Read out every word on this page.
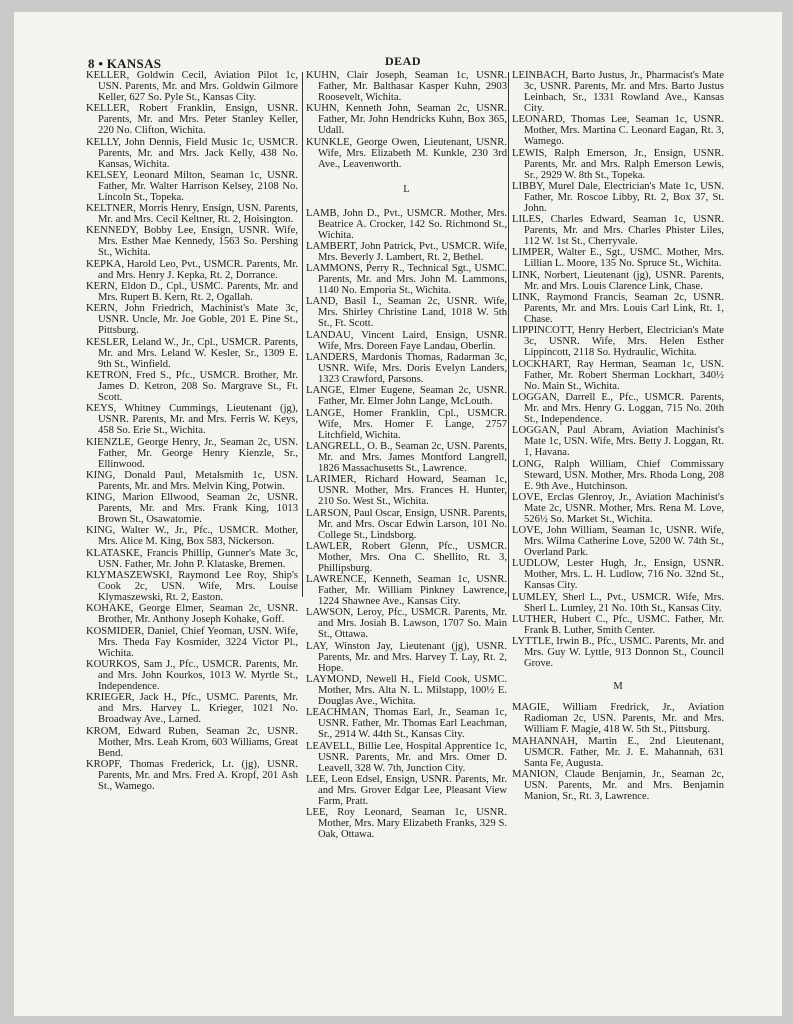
8 • KANSAS	DEAD
KELLER, Goldwin Cecil, Aviation Pilot 1c, USN. Parents, Mr. and Mrs. Goldwin Gilmore Keller, 627 So. Pyle St., Kansas City.
KELLER, Robert Franklin, Ensign, USNR. Parents, Mr. and Mrs. Peter Stanley Keller, 220 No. Clifton, Wichita.
KELLY, John Dennis, Field Music 1c, USMCR. Parents, Mr. and Mrs. Jack Kelly, 438 No. Kansas, Wichita.
KELSEY, Leonard Milton, Seaman 1c, USNR. Father, Mr. Walter Harrison Kelsey, 2108 No. Lincoln St., Topeka.
KELTNER, Morris Henry, Ensign, USN. Parents, Mr. and Mrs. Cecil Keltner, Rt. 2, Hoisington.
KENNEDY, Bobby Lee, Ensign, USNR. Wife, Mrs. Esther Mae Kennedy, 1563 So. Pershing St., Wichita.
KEPKA, Harold Leo, Pvt., USMCR. Parents, Mr. and Mrs. Henry J. Kepka, Rt. 2, Dorrance.
KERN, Eldon D., Cpl., USMC. Parents, Mr. and Mrs. Rupert B. Kern, Rt. 2, Ogallah.
KERN, John Friedrich, Machinist's Mate 3c, USNR. Uncle, Mr. Joe Goble, 201 E. Pine St., Pittsburg.
KESLER, Leland W., Jr., Cpl., USMCR. Parents, Mr. and Mrs. Leland W. Kesler, Sr., 1309 E. 9th St., Winfield.
KETRON, Fred S., Pfc., USMCR. Brother, Mr. James D. Ketron, 208 So. Margrave St., Ft. Scott.
KEYS, Whitney Cummings, Lieutenant (jg), USNR. Parents, Mr. and Mrs. Ferris W. Keys, 458 So. Erie St., Wichita.
KIENZLE, George Henry, Jr., Seaman 2c, USN. Father, Mr. George Henry Kienzle, Sr., Ellinwood.
KING, Donald Paul, Metalsmith 1c, USN. Parents, Mr. and Mrs. Melvin King, Potwin.
KING, Marion Ellwood, Seaman 2c, USNR. Parents, Mr. and Mrs. Frank King, 1013 Brown St., Osawatomie.
KING, Walter W., Jr., Pfc., USMCR. Mother, Mrs. Alice M. King, Box 583, Nickerson.
KLATASKE, Francis Phillip, Gunner's Mate 3c, USN. Father, Mr. John P. Klataske, Bremen.
KLYMASZEWSKI, Raymond Lee Roy, Ship's Cook 2c, USN. Wife, Mrs. Louise Klymaszewski, Rt. 2, Easton.
KOHAKE, George Elmer, Seaman 2c, USNR. Brother, Mr. Anthony Joseph Kohake, Goff.
KOSMIDER, Daniel, Chief Yeoman, USN. Wife, Mrs. Theda Fay Kosmider, 3224 Victor Pl., Wichita.
KOURKOS, Sam J., Pfc., USMCR. Parents, Mr. and Mrs. John Kourkos, 1013 W. Myrtle St., Independence.
KRIEGER, Jack H., Pfc., USMC. Parents, Mr. and Mrs. Harvey L. Krieger, 1021 No. Broadway Ave., Larned.
KROM, Edward Ruben, Seaman 2c, USNR. Mother, Mrs. Leah Krom, 603 Williams, Great Bend.
KROPF, Thomas Frederick, Lt. (jg), USNR. Parents, Mr. and Mrs. Fred A. Kropf, 201 Ash St., Wamego.
KUHN, Clair Joseph, Seaman 1c, USNR. Father, Mr. Balthasar Kasper Kuhn, 2903 Roosevelt, Wichita.
KUHN, Kenneth John, Seaman 2c, USNR. Father, Mr. John Hendricks Kuhn, Box 365, Udall.
KUNKLE, George Owen, Lieutenant, USNR. Wife, Mrs. Elizabeth M. Kunkle, 230 3rd Ave., Leavenworth.
L
LAMB, John D., Pvt., USMCR. Mother, Mrs. Beatrice A. Crocker, 142 So. Richmond St., Wichita.
LAMBERT, John Patrick, Pvt., USMCR. Wife, Mrs. Beverly J. Lambert, Rt. 2, Bethel.
LAMMONS, Perry R., Technical Sgt., USMC. Parents, Mr. and Mrs. John M. Lammons, 1140 No. Emporia St., Wichita.
LAND, Basil I., Seaman 2c, USNR. Wife, Mrs. Shirley Christine Land, 1018 W. 5th St., Ft. Scott.
LANDAU, Vincent Laird, Ensign, USNR. Wife, Mrs. Doreen Faye Landau, Oberlin.
LANDERS, Mardonis Thomas, Radarman 3c, USNR. Wife, Mrs. Doris Evelyn Landers, 1323 Crawford, Parsons.
LANGE, Elmer Eugene, Seaman 2c, USNR. Father, Mr. Elmer John Lange, McLouth.
LANGE, Homer Franklin, Cpl., USMCR. Wife, Mrs. Homer F. Lange, 2757 Litchfield, Wichita.
LANGRELL, O. B., Seaman 2c, USN. Parents, Mr. and Mrs. James Montford Langrell, 1826 Massachusetts St., Lawrence.
LARIMER, Richard Howard, Seaman 1c, USNR. Mother, Mrs. Frances H. Hunter, 210 So. West St., Wichita.
LARSON, Paul Oscar, Ensign, USNR. Parents, Mr. and Mrs. Oscar Edwin Larson, 101 No. College St., Lindsborg.
LAWLER, Robert Glenn, Pfc., USMCR. Mother, Mrs. Ona C. Shellito, Rt. 3, Phillipsburg.
LAWRENCE, Kenneth, Seaman 1c, USNR. Father, Mr. William Pinkney Lawrence, 1224 Shawnee Ave., Kansas City.
LAWSON, Leroy, Pfc., USMCR. Parents, Mr. and Mrs. Josiah B. Lawson, 1707 So. Main St., Ottawa.
LAY, Winston Jay, Lieutenant (jg), USNR. Parents, Mr. and Mrs. Harvey T. Lay, Rt. 2, Hope.
LAYMOND, Newell H., Field Cook, USMC. Mother, Mrs. Alta N. L. Milstapp, 100½ E. Douglas Ave., Wichita.
LEACHMAN, Thomas Earl, Jr., Seaman 1c, USNR. Father, Mr. Thomas Earl Leachman, Sr., 2914 W. 44th St., Kansas City.
LEAVELL, Billie Lee, Hospital Apprentice 1c, USNR. Parents, Mr. and Mrs. Omer D. Leavell, 328 W. 7th, Junction City.
LEE, Leon Edsel, Ensign, USNR. Parents, Mr. and Mrs. Grover Edgar Lee, Pleasant View Farm, Pratt.
LEE, Roy Leonard, Seaman 1c, USNR. Mother, Mrs. Mary Elizabeth Franks, 329 S. Oak, Ottawa.
LEINBACH, Barto Justus, Jr., Pharmacist's Mate 3c, USNR. Parents, Mr. and Mrs. Barto Justus Leinbach, Sr., 1331 Rowland Ave., Kansas City.
LEONARD, Thomas Lee, Seaman 1c, USNR. Mother, Mrs. Martina C. Leonard Eagan, Rt. 3, Wamego.
LEWIS, Ralph Emerson, Jr., Ensign, USNR. Parents, Mr. and Mrs. Ralph Emerson Lewis, Sr., 2929 W. 8th St., Topeka.
LIBBY, Murel Dale, Electrician's Mate 1c, USN. Father, Mr. Roscoe Libby, Rt. 2, Box 37, St. John.
LILES, Charles Edward, Seaman 1c, USNR. Parents, Mr. and Mrs. Charles Phister Liles, 112 W. 1st St., Cherryvale.
LIMPER, Walter E., Sgt., USMC. Mother, Mrs. Lillian L. Moore, 135 No. Spruce St., Wichita.
LINK, Norbert, Lieutenant (jg), USNR. Parents, Mr. and Mrs. Louis Clarence Link, Chase.
LINK, Raymond Francis, Seaman 2c, USNR. Parents, Mr. and Mrs. Louis Carl Link, Rt. 1, Chase.
LIPPINCOTT, Henry Herbert, Electrician's Mate 3c, USNR. Wife, Mrs. Helen Esther Lippincott, 2118 So. Hydraulic, Wichita.
LOCKHART, Ray Herman, Seaman 1c, USN. Father, Mr. Robert Sherman Lockhart, 340½ No. Main St., Wichita.
LOGGAN, Darrell E., Pfc., USMCR. Parents, Mr. and Mrs. Henry G. Loggan, 715 No. 20th St., Independence.
LOGGAN, Paul Abram, Aviation Machinist's Mate 1c, USN. Wife, Mrs. Betty J. Loggan, Rt. 1, Havana.
LONG, Ralph William, Chief Commissary Steward, USN. Mother, Mrs. Rhoda Long, 208 E. 9th Ave., Hutchinson.
LOVE, Erclas Glenroy, Jr., Aviation Machinist's Mate 2c, USNR. Mother, Mrs. Rena M. Love, 526½ So. Market St., Wichita.
LOVE, John William, Seaman 1c, USNR. Wife, Mrs. Wilma Catherine Love, 5200 W. 74th St., Overland Park.
LUDLOW, Lester Hugh, Jr., Ensign, USNR. Mother, Mrs. L. H. Ludlow, 716 No. 32nd St., Kansas City.
LUMLEY, Sherl L., Pvt., USMCR. Wife, Mrs. Sherl L. Lumley, 21 No. 10th St., Kansas City.
LUTHER, Hubert C., Pfc., USMC. Father, Mr. Frank B. Luther, Smith Center.
LYTTLE, Irwin B., Pfc., USMC. Parents, Mr. and Mrs. Guy W. Lyttle, 913 Donnon St., Council Grove.
M
MAGIE, William Fredrick, Jr., Aviation Radioman 2c, USN. Parents, Mr. and Mrs. William F. Magie, 418 W. 5th St., Pittsburg.
MAHANNAH, Martin E., 2nd Lieutenant, USMCR. Father, Mr. J. E. Mahannah, 631 Santa Fe, Augusta.
MANION, Claude Benjamin, Jr., Seaman 2c, USN. Parents, Mr. and Mrs. Benjamin Manion, Sr., Rt. 3, Lawrence.
